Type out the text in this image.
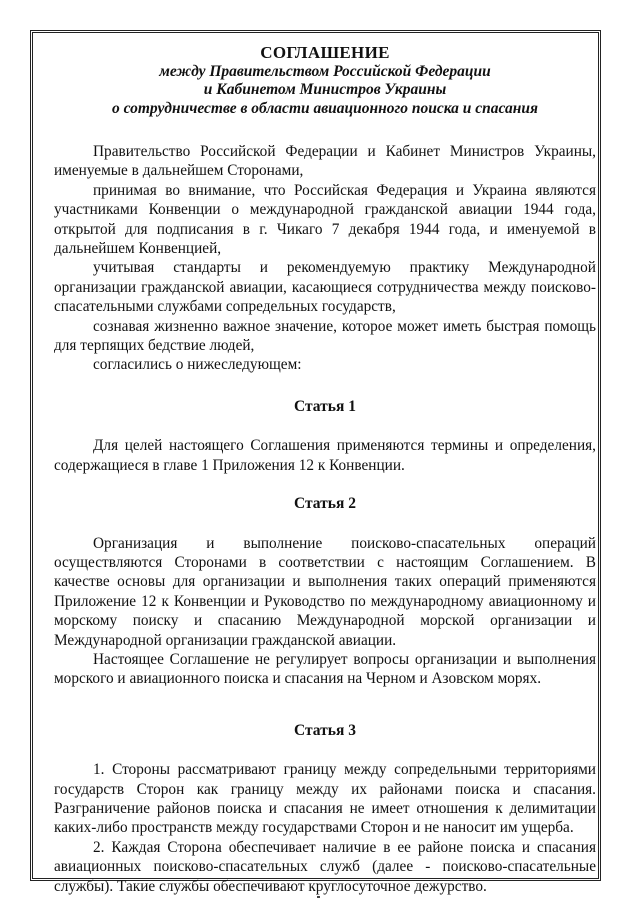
СОГЛАШЕНИЕ
между Правительством Российской Федерации
и Кабинетом Министров Украины
о сотрудничестве в области авиационного поиска и спасания

Правительство Российской Федерации и Кабинет Министров Украины, именуемые в дальнейшем Сторонами,

принимая во внимание, что Российская Федерация и Украина являются участниками Конвенции о международной гражданской авиации 1944 года, открытой для подписания в г. Чикаго 7 декабря 1944 года, и именуемой в дальнейшем Конвенцией,

учитывая стандарты и рекомендуемую практику Международной организации гражданской авиации, касающиеся сотрудничества между поисково-спасательными службами сопредельных государств,

сознавая жизненно важное значение, которое может иметь быстрая помощь для терпящих бедствие людей,

согласились о нижеследующем:

Статья 1

Для целей настоящего Соглашения применяются термины и определения, содержащиеся в главе 1 Приложения 12 к Конвенции.

Статья 2

Организация и выполнение поисково-спасательных операций осуществляются Сторонами в соответствии с настоящим Соглашением. В качестве основы для организации и выполнения таких операций применяются Приложение 12 к Конвенции и Руководство по международному авиационному и морскому поиску и спасанию Международной морской организации и Международной организации гражданской авиации.

Настоящее Соглашение не регулирует вопросы организации и выполнения морского и авиационного поиска и спасания на Черном и Азовском морях.

Статья 3

1. Стороны рассматривают границу между сопредельными территориями государств Сторон как границу между их районами поиска и спасания. Разграничение районов поиска и спасания не имеет отношения к делимитации каких-либо пространств между государствами Сторон и не наносит им ущерба.

2. Каждая Сторона обеспечивает наличие в ее районе поиска и спасания авиационных поисково-спасательных служб (далее - поисково-спасательные службы). Такие службы обеспечивают круглосуточное дежурство.
